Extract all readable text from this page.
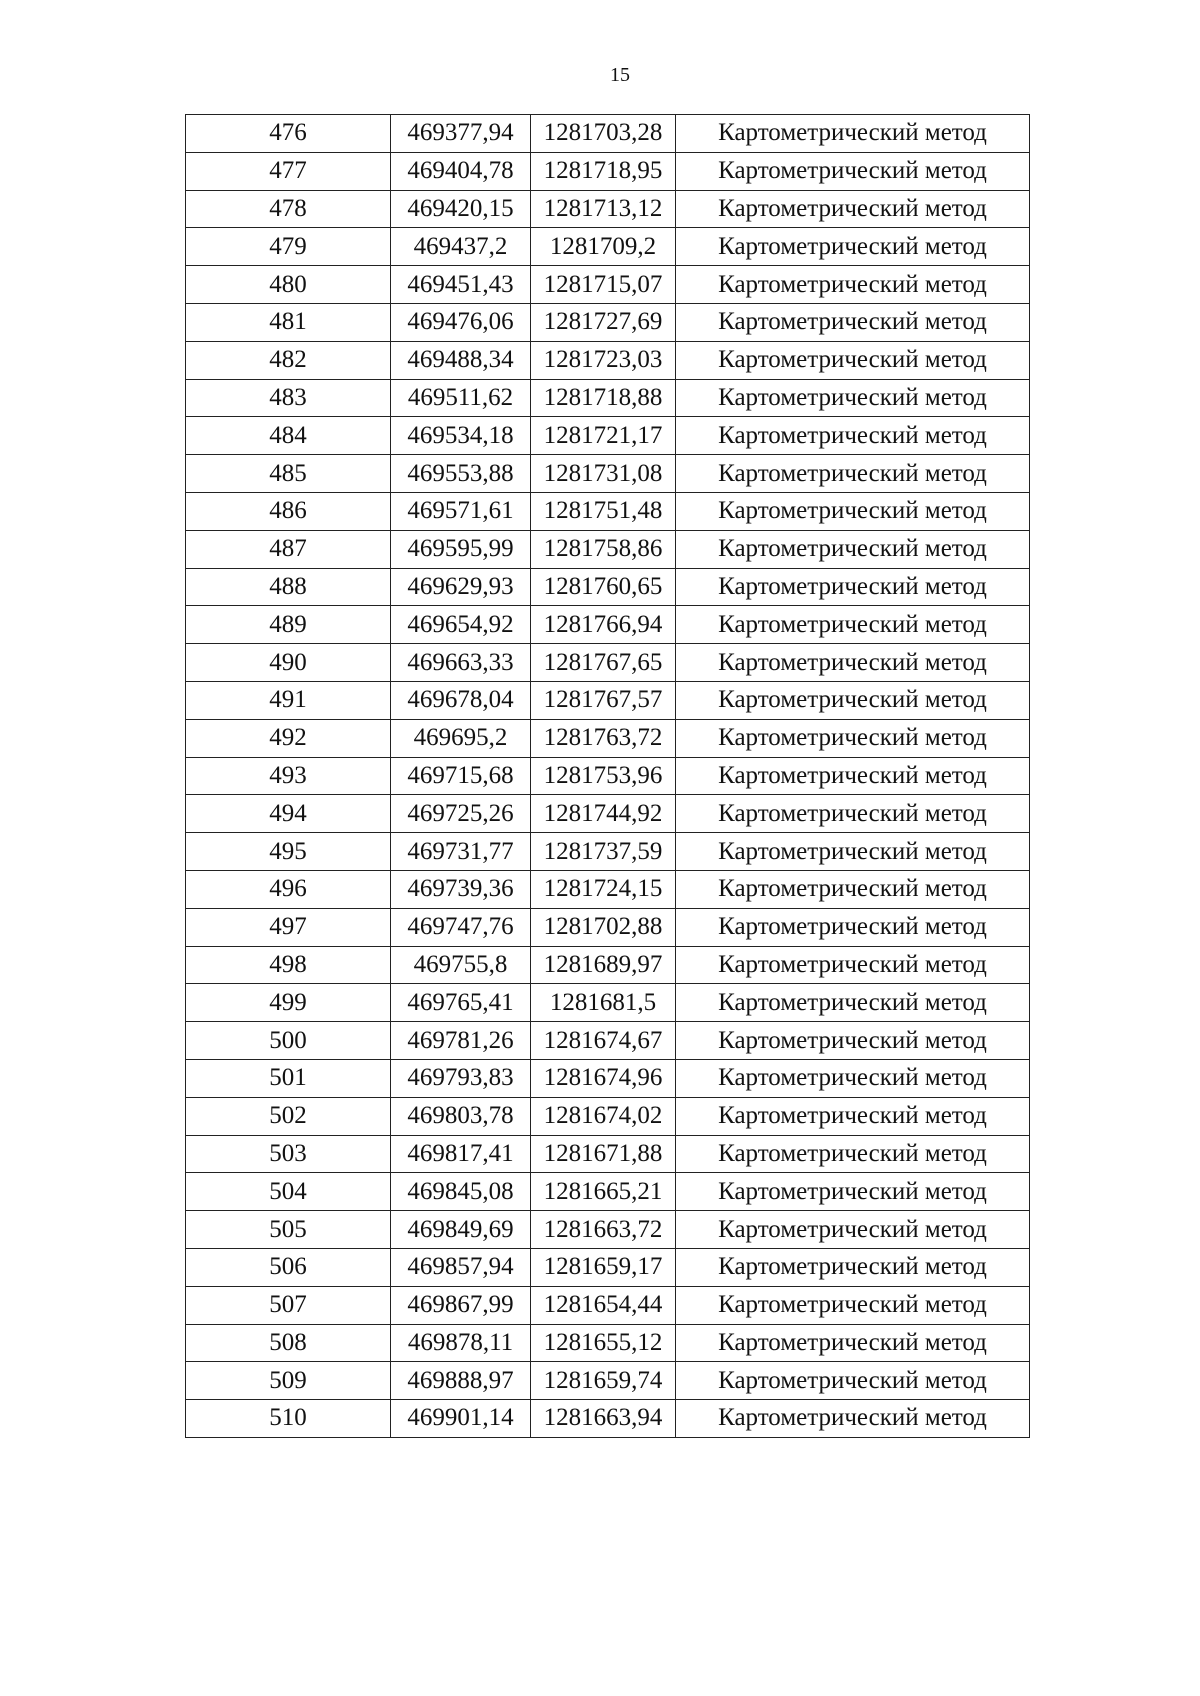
15
476	469377,94	1281703,28	Картометрический метод
477	469404,78	1281718,95	Картометрический метод
478	469420,15	1281713,12	Картометрический метод
479	469437,2	1281709,2	Картометрический метод
480	469451,43	1281715,07	Картометрический метод
481	469476,06	1281727,69	Картометрический метод
482	469488,34	1281723,03	Картометрический метод
483	469511,62	1281718,88	Картометрический метод
484	469534,18	1281721,17	Картометрический метод
485	469553,88	1281731,08	Картометрический метод
486	469571,61	1281751,48	Картометрический метод
487	469595,99	1281758,86	Картометрический метод
488	469629,93	1281760,65	Картометрический метод
489	469654,92	1281766,94	Картометрический метод
490	469663,33	1281767,65	Картометрический метод
491	469678,04	1281767,57	Картометрический метод
492	469695,2	1281763,72	Картометрический метод
493	469715,68	1281753,96	Картометрический метод
494	469725,26	1281744,92	Картометрический метод
495	469731,77	1281737,59	Картометрический метод
496	469739,36	1281724,15	Картометрический метод
497	469747,76	1281702,88	Картометрический метод
498	469755,8	1281689,97	Картометрический метод
499	469765,41	1281681,5	Картометрический метод
500	469781,26	1281674,67	Картометрический метод
501	469793,83	1281674,96	Картометрический метод
502	469803,78	1281674,02	Картометрический метод
503	469817,41	1281671,88	Картометрический метод
504	469845,08	1281665,21	Картометрический метод
505	469849,69	1281663,72	Картометрический метод
506	469857,94	1281659,17	Картометрический метод
507	469867,99	1281654,44	Картометрический метод
508	469878,11	1281655,12	Картометрический метод
509	469888,97	1281659,74	Картометрический метод
510	469901,14	1281663,94	Картометрический метод
